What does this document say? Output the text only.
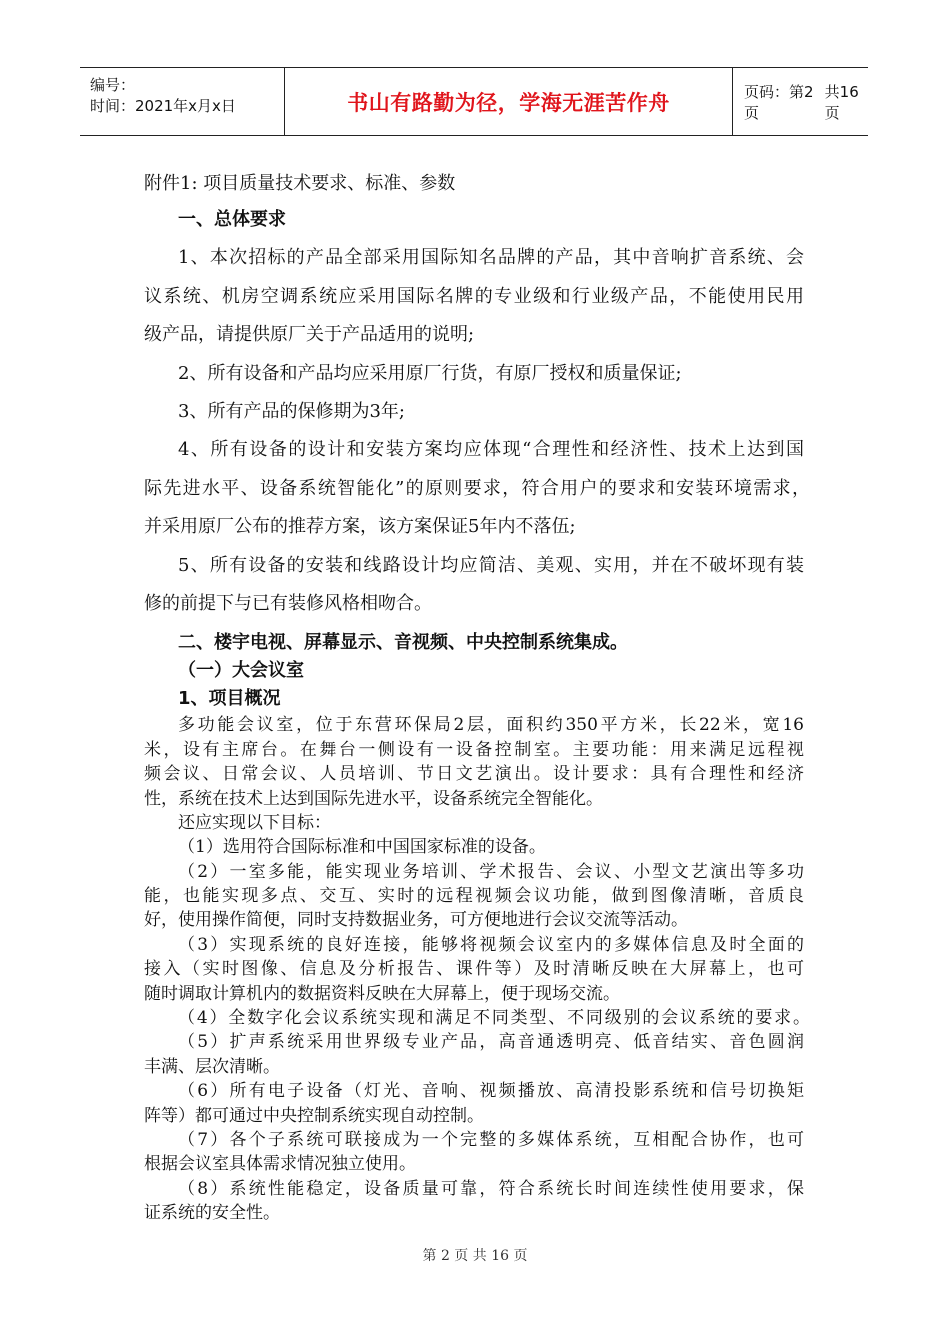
编号：
时间：2021年x月x日	书山有路勤为径，学海无涯苦作舟	页码：第2页
共16页

附件1: 项目质量技术要求、标准、参数

一、总体要求

1、本次招标的产品全部采用国际知名品牌的产品，其中音响扩音系统、会

议系统、机房空调系统应采用国际名牌的专业级和行业级产品，不能使用民用

级产品，请提供原厂关于产品适用的说明;

2、所有设备和产品均应采用原厂行货，有原厂授权和质量保证;

3、所有产品的保修期为3年;

4、所有设备的设计和安装方案均应体现“合理性和经济性、技术上达到国

际先进水平、设备系统智能化”的原则要求，符合用户的要求和安装环境需求，

并采用原厂公布的推荐方案，该方案保证5年内不落伍;

5、所有设备的安装和线路设计均应简洁、美观、实用，并在不破坏现有装

修的前提下与已有装修风格相吻合。

二、楼宇电视、屏幕显示、音视频、中央控制系统集成。

（一）大会议室

1、项目概况

多功能会议室，位于东营环保局2层，面积约350平方米，长22米，宽16

米，设有主席台。在舞台一侧设有一设备控制室。主要功能：用来满足远程视

频会议、日常会议、人员培训、节日文艺演出。设计要求：具有合理性和经济

性，系统在技术上达到国际先进水平，设备系统完全智能化。

还应实现以下目标：

（1）选用符合国际标准和中国国家标准的设备。

（2）一室多能，能实现业务培训、学术报告、会议、小型文艺演出等多功

能，也能实现多点、交互、实时的远程视频会议功能，做到图像清晰，音质良

好，使用操作简便，同时支持数据业务，可方便地进行会议交流等活动。

（3）实现系统的良好连接，能够将视频会议室内的多媒体信息及时全面的

接入（实时图像、信息及分析报告、课件等）及时清晰反映在大屏幕上，也可

随时调取计算机内的数据资料反映在大屏幕上，便于现场交流。

（4）全数字化会议系统实现和满足不同类型、不同级别的会议系统的要求。

（5）扩声系统采用世界级专业产品，高音通透明亮、低音结实、音色圆润

丰满、层次清晰。

（6）所有电子设备（灯光、音响、视频播放、高清投影系统和信号切换矩

阵等）都可通过中央控制系统实现自动控制。

（7）各个子系统可联接成为一个完整的多媒体系统，互相配合协作，也可

根据会议室具体需求情况独立使用。

（8）系统性能稳定，设备质量可靠，符合系统长时间连续性使用要求，保

证系统的安全性。

第 2 页 共 16 页
